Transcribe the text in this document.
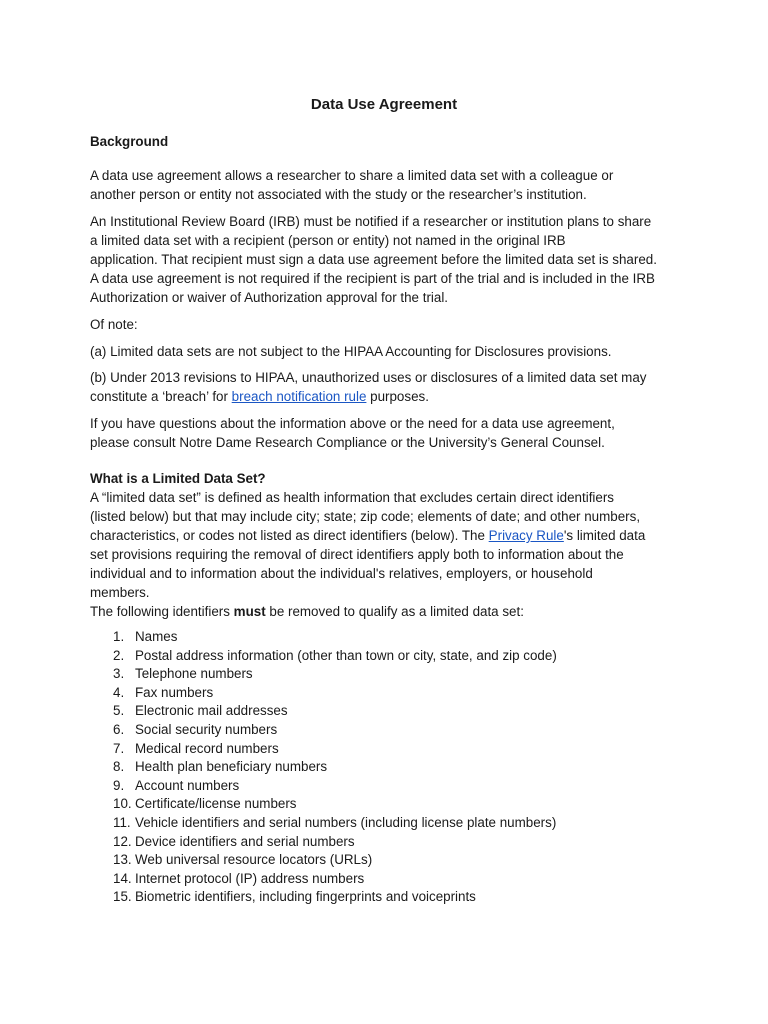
Data Use Agreement
Background
A data use agreement allows a researcher to share a limited data set with a colleague or
another person or entity not associated with the study or the researcher’s institution.
An Institutional Review Board (IRB) must be notified if a researcher or institution plans to share
a limited data set with a recipient (person or entity) not named in the original IRB
application. That recipient must sign a data use agreement before the limited data set is shared.
A data use agreement is not required if the recipient is part of the trial and is included in the IRB
Authorization or waiver of Authorization approval for the trial.
Of note:
(a) Limited data sets are not subject to the HIPAA Accounting for Disclosures provisions.
(b) Under 2013 revisions to HIPAA, unauthorized uses or disclosures of a limited data set may
constitute a ‘breach’ for breach notification rule purposes.
If you have questions about the information above or the need for a data use agreement,
please consult Notre Dame Research Compliance or the University’s General Counsel.
What is a Limited Data Set?
A “limited data set” is defined as health information that excludes certain direct identifiers
(listed below) but that may include city; state; zip code; elements of date; and other numbers,
characteristics, or codes not listed as direct identifiers (below). The Privacy Rule's limited data
set provisions requiring the removal of direct identifiers apply both to information about the
individual and to information about the individual's relatives, employers, or household
members.
The following identifiers must be removed to qualify as a limited data set:
1. Names
2. Postal address information (other than town or city, state, and zip code)
3. Telephone numbers
4. Fax numbers
5. Electronic mail addresses
6. Social security numbers
7. Medical record numbers
8. Health plan beneficiary numbers
9. Account numbers
10. Certificate/license numbers
11. Vehicle identifiers and serial numbers (including license plate numbers)
12. Device identifiers and serial numbers
13. Web universal resource locators (URLs)
14. Internet protocol (IP) address numbers
15. Biometric identifiers, including fingerprints and voiceprints
